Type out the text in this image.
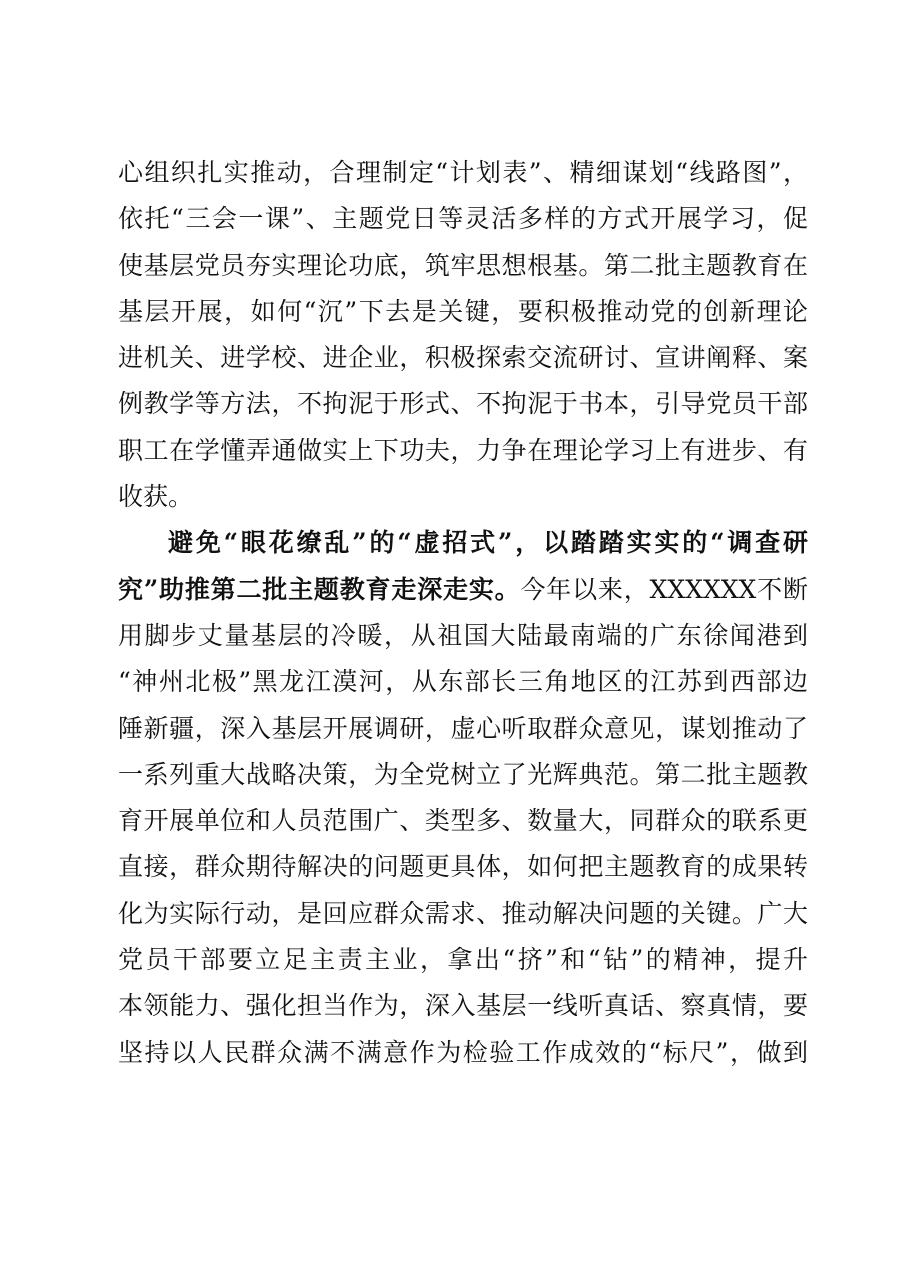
心组织扎实推动，合理制定“计划表”、精细谋划“线路图”，
依托“三会一课”、主题党日等灵活多样的方式开展学习，促
使基层党员夯实理论功底，筑牢思想根基。第二批主题教育在
基层开展，如何“沉”下去是关键，要积极推动党的创新理论
进机关、进学校、进企业，积极探索交流研讨、宣讲阐释、案
例教学等方法，不拘泥于形式、不拘泥于书本，引导党员干部
职工在学懂弄通做实上下功夫，力争在理论学习上有进步、有
收获。
避免“眼花缭乱”的“虚招式”，以踏踏实实的“调查研
究”助推第二批主题教育走深走实。今年以来，XXXXXX不断
用脚步丈量基层的冷暖，从祖国大陆最南端的广东徐闻港到
“神州北极”黑龙江漠河，从东部长三角地区的江苏到西部边
陲新疆，深入基层开展调研，虚心听取群众意见，谋划推动了
一系列重大战略决策，为全党树立了光辉典范。第二批主题教
育开展单位和人员范围广、类型多、数量大，同群众的联系更
直接，群众期待解决的问题更具体，如何把主题教育的成果转
化为实际行动，是回应群众需求、推动解决问题的关键。广大
党员干部要立足主责主业，拿出“挤”和“钻”的精神，提升
本领能力、强化担当作为，深入基层一线听真话、察真情，要
坚持以人民群众满不满意作为检验工作成效的“标尺”，做到
